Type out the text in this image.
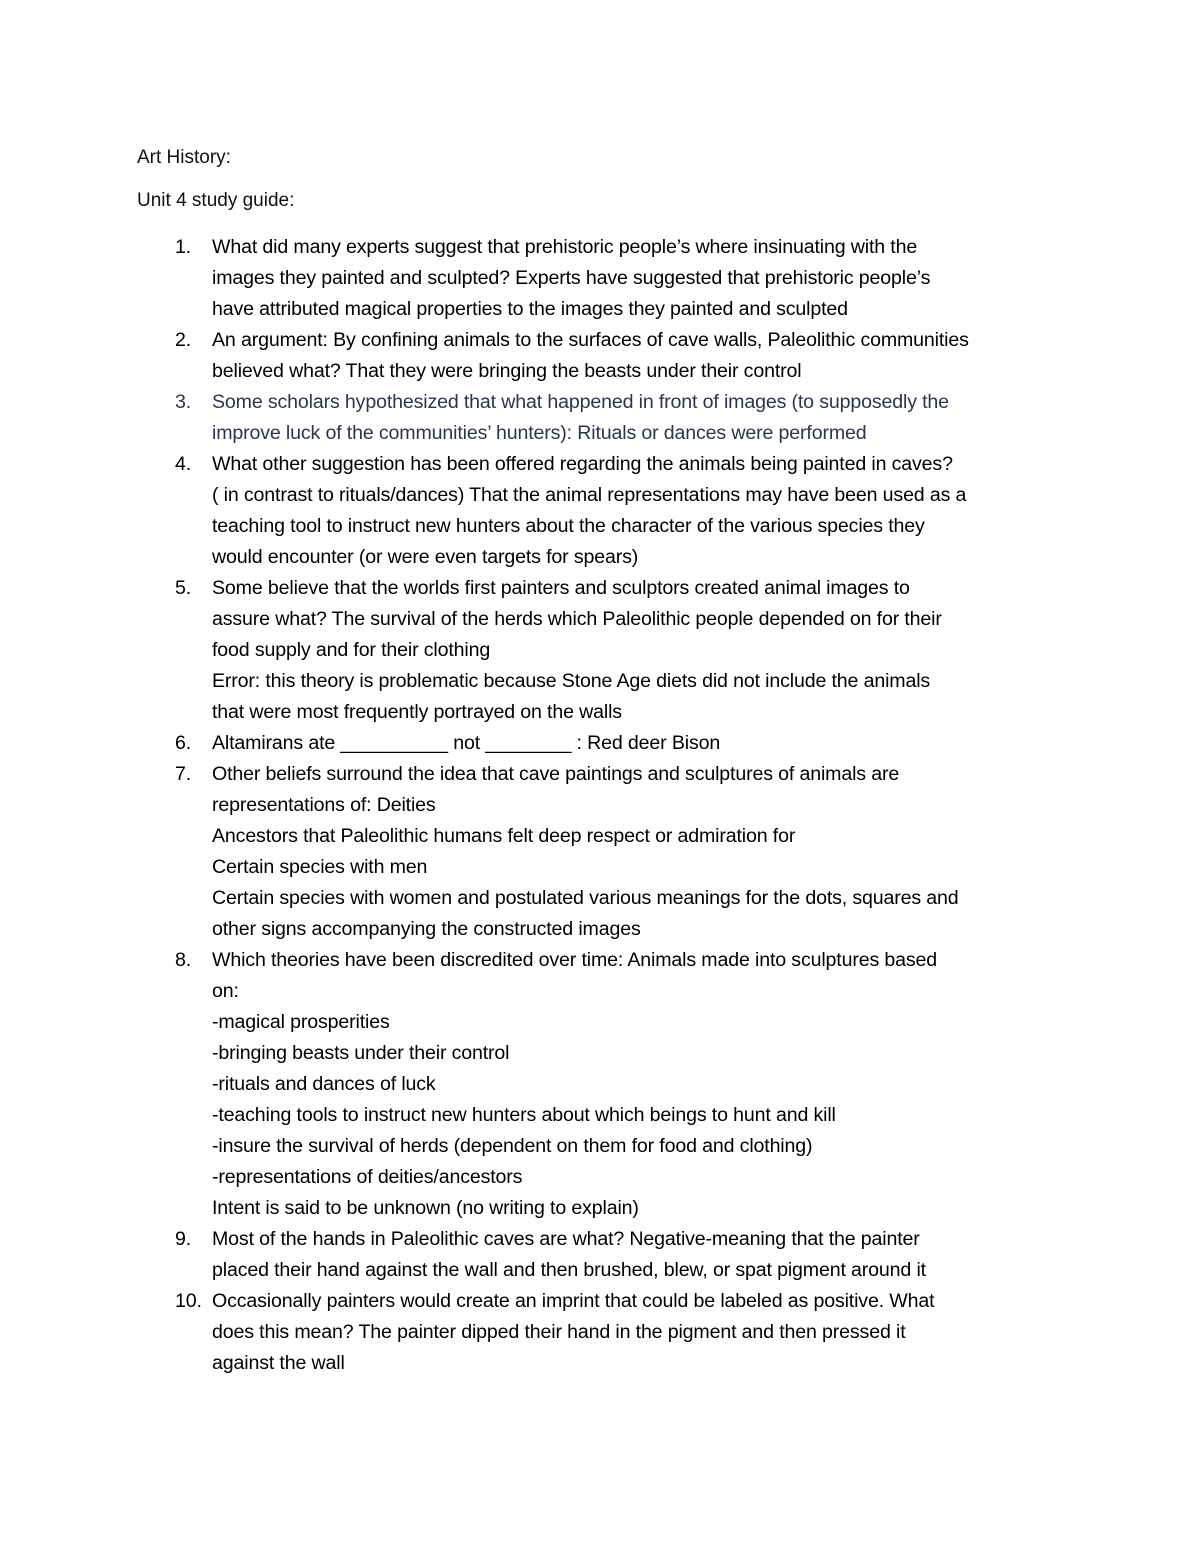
Art History:
Unit 4 study guide:
1. What did many experts suggest that prehistoric people’s where insinuating with the
images they painted and sculpted? Experts have suggested that prehistoric people’s
have attributed magical properties to the images they painted and sculpted
2. An argument: By confining animals to the surfaces of cave walls, Paleolithic communities
believed what? That they were bringing the beasts under their control
3. Some scholars hypothesized that what happened in front of images (to supposedly the
improve luck of the communities’ hunters): Rituals or dances were performed
4. What other suggestion has been offered regarding the animals being painted in caves?
( in contrast to rituals/dances) That the animal representations may have been used as a
teaching tool to instruct new hunters about the character of the various species they
would encounter (or were even targets for spears)
5. Some believe that the worlds first painters and sculptors created animal images to
assure what? The survival of the herds which Paleolithic people depended on for their
food supply and for their clothing
Error: this theory is problematic because Stone Age diets did not include the animals
that were most frequently portrayed on the walls
6. Altamirans ate __________ not ________ : Red deer Bison
7. Other beliefs surround the idea that cave paintings and sculptures of animals are
representations of: Deities
Ancestors that Paleolithic humans felt deep respect or admiration for
Certain species with men
Certain species with women and postulated various meanings for the dots, squares and
other signs accompanying the constructed images
8. Which theories have been discredited over time: Animals made into sculptures based
on:
-magical prosperities
-bringing beasts under their control
-rituals and dances of luck
-teaching tools to instruct new hunters about which beings to hunt and kill
-insure the survival of herds (dependent on them for food and clothing)
-representations of deities/ancestors
Intent is said to be unknown (no writing to explain)
9. Most of the hands in Paleolithic caves are what? Negative-meaning that the painter
placed their hand against the wall and then brushed, blew, or spat pigment around it
10. Occasionally painters would create an imprint that could be labeled as positive. What
does this mean? The painter dipped their hand in the pigment and then pressed it
against the wall
